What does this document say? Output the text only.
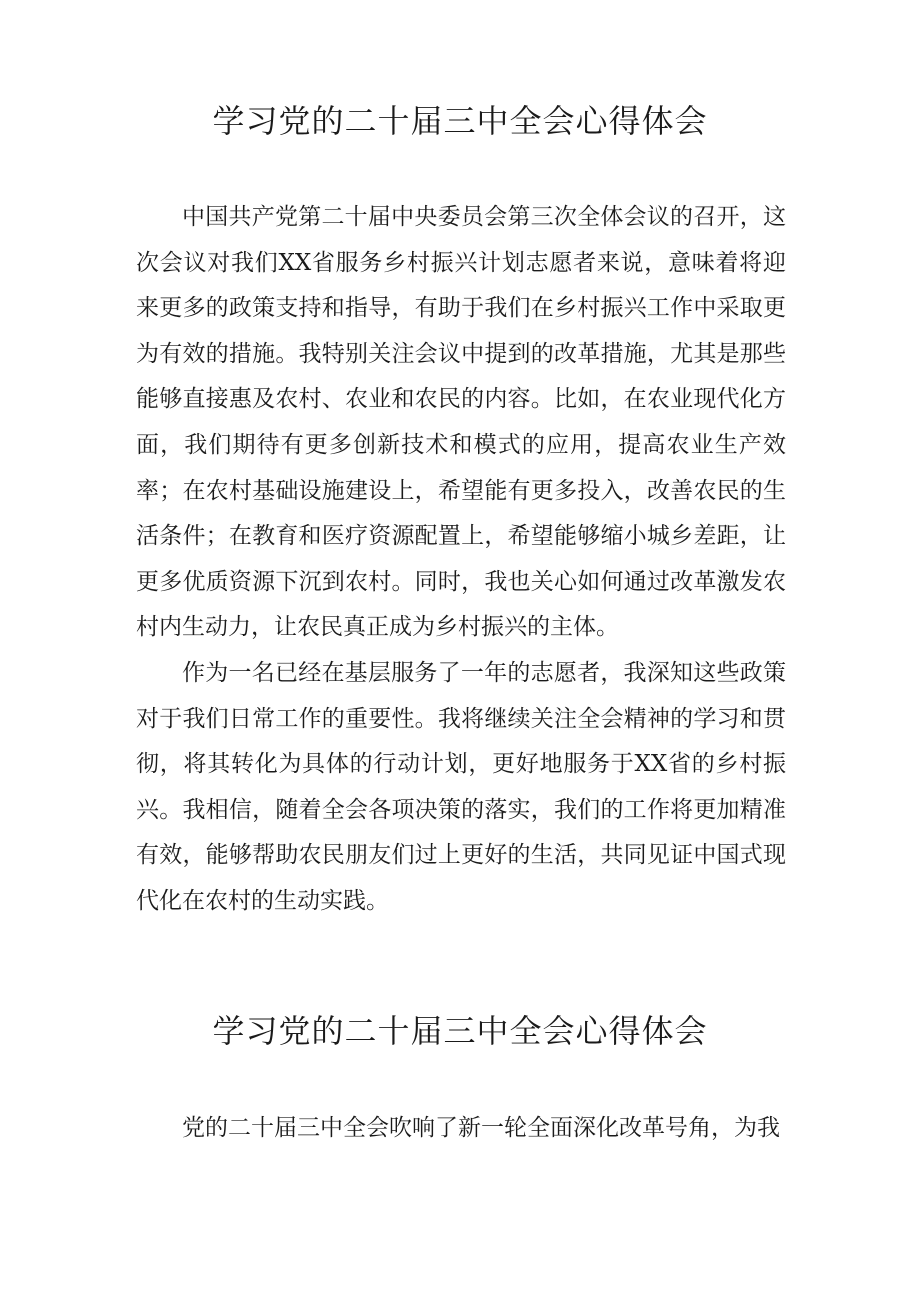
学习党的二十届三中全会心得体会

中国共产党第二十届中央委员会第三次全体会议的召开，这次会议对我们XX省服务乡村振兴计划志愿者来说，意味着将迎来更多的政策支持和指导，有助于我们在乡村振兴工作中采取更为有效的措施。我特别关注会议中提到的改革措施，尤其是那些能够直接惠及农村、农业和农民的内容。比如，在农业现代化方面，我们期待有更多创新技术和模式的应用，提高农业生产效率；在农村基础设施建设上，希望能有更多投入，改善农民的生活条件；在教育和医疗资源配置上，希望能够缩小城乡差距，让更多优质资源下沉到农村。同时，我也关心如何通过改革激发农村内生动力，让农民真正成为乡村振兴的主体。

作为一名已经在基层服务了一年的志愿者，我深知这些政策对于我们日常工作的重要性。我将继续关注全会精神的学习和贯彻，将其转化为具体的行动计划，更好地服务于XX省的乡村振兴。我相信，随着全会各项决策的落实，我们的工作将更加精准有效，能够帮助农民朋友们过上更好的生活，共同见证中国式现代化在农村的生动实践。

学习党的二十届三中全会心得体会

党的二十届三中全会吹响了新一轮全面深化改革号角，为我
